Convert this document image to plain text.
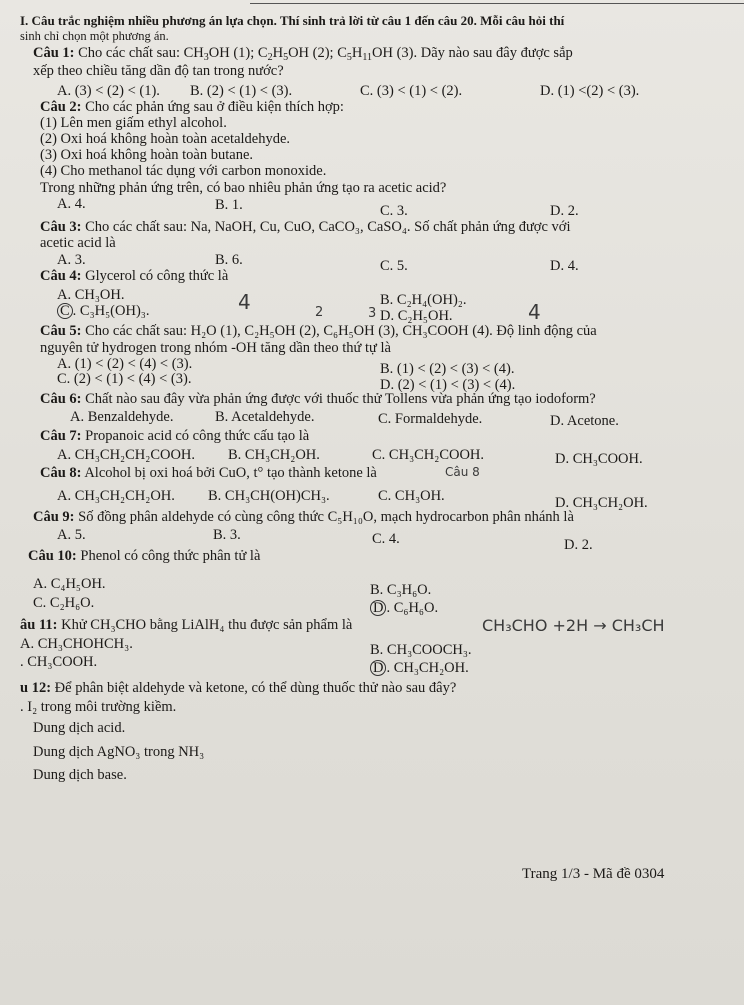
I. Câu trắc nghiệm nhiều phương án lựa chọn. Thí sinh trả lời từ câu 1 đến câu 20. Mỗi câu hỏi thí
sinh chỉ chọn một phương án.
Câu 1: Cho các chất sau: $CH_3OH$ (1); $C_2H_5OH$ (2); $C_5H_{11}OH$ (3). Dãy nào sau đây được sắp
xếp theo chiều tăng dần độ tan trong nước?
A. (3) < (2) < (1). B. (2) < (1) < (3).	C. (3) < (1) < (2).	D. (1) <(2) < (3).
Câu 2: Cho các phản ứng sau ở điều kiện thích hợp:
(1) Lên men giấm ethyl alcohol.
(2) Oxi hoá không hoàn toàn acetaldehyde.
(3) Oxi hoá không hoàn toàn butane.
(4) Cho methanol tác dụng với carbon monoxide.
Trong những phản ứng trên, có bao nhiêu phản ứng tạo ra acetic acid?
A. 4.	B. 1.	C. 3.	D. 2.
Câu 3: Cho các chất sau: Na, NaOH, Cu, CuO, CaCO₃, CaSO₄. Số chất phản ứng được với
acetic acid là
A. 3.	B. 6.	C. 5.	D. 4.
Câu 4: Glycerol có công thức là
A. CH₃OH.	B. C₂H₄(OH)₂.
C . C₃H₅(OH)₃.	D. C₂H₅OH.
4	2	3	4
Câu 5: Cho các chất sau: H₂O (1), C₂H₅OH (2), C₆H₅OH (3), CH₃COOH (4). Độ linh động của
nguyên tử hydrogen trong nhóm -OH tăng dần theo thứ tự là
A. (1) < (2) < (4) < (3).	B. (1) < (2) < (3) < (4).
C. (2) < (1) < (4) < (3).	D. (2) < (1) < (3) < (4).
Câu 6: Chất nào sau đây vừa phản ứng được với thuốc thử Tollens vừa phản ứng tạo iodoform?
A. Benzaldehyde.	B. Acetaldehyde.	C. Formaldehyde.	D. Acetone.
Câu 7: Propanoic acid có công thức cấu tạo là
A. CH₃CH₂CH₂COOH. B. CH₃CH₂OH.	C. CH₃CH₂COOH.	D. CH₃COOH.
Câu 8: Alcohol bị oxi hoá bởi CuO, t° tạo thành ketone là	Câu 8
A. CH₃CH₂CH₂OH. B. CH₃CH(OH)CH₃.	C. CH₃OH.	D. CH₃CH₂OH.
Câu 9: Số đồng phân aldehyde có cùng công thức C₅H₁₀O, mạch hydrocarbon phân nhánh là
A. 5.	B. 3.	C. 4.	D. 2.
Câu 10: Phenol có công thức phân tử là
A. C₄H₅OH.	B. C₃H₆O.
C. C₂H₆O.	D . C₆H₆O.
âu 11: Khử CH₃CHO bằng LiAlH₄ thu được sản phẩm là	CH₃CHO +2H → CH₃CH
A. CH₃CHOHCH₃.	B. CH₃COOCH₃.
. CH₃COOH.	D . CH₃CH₂OH.
u 12: Để phân biệt aldehyde và ketone, có thể dùng thuốc thử nào sau đây?
. I₂ trong môi trường kiềm.
Dung dịch acid.
Dung dịch AgNO₃ trong NH₃
Dung dịch base.
Trang 1/3 - Mã đề 0304
